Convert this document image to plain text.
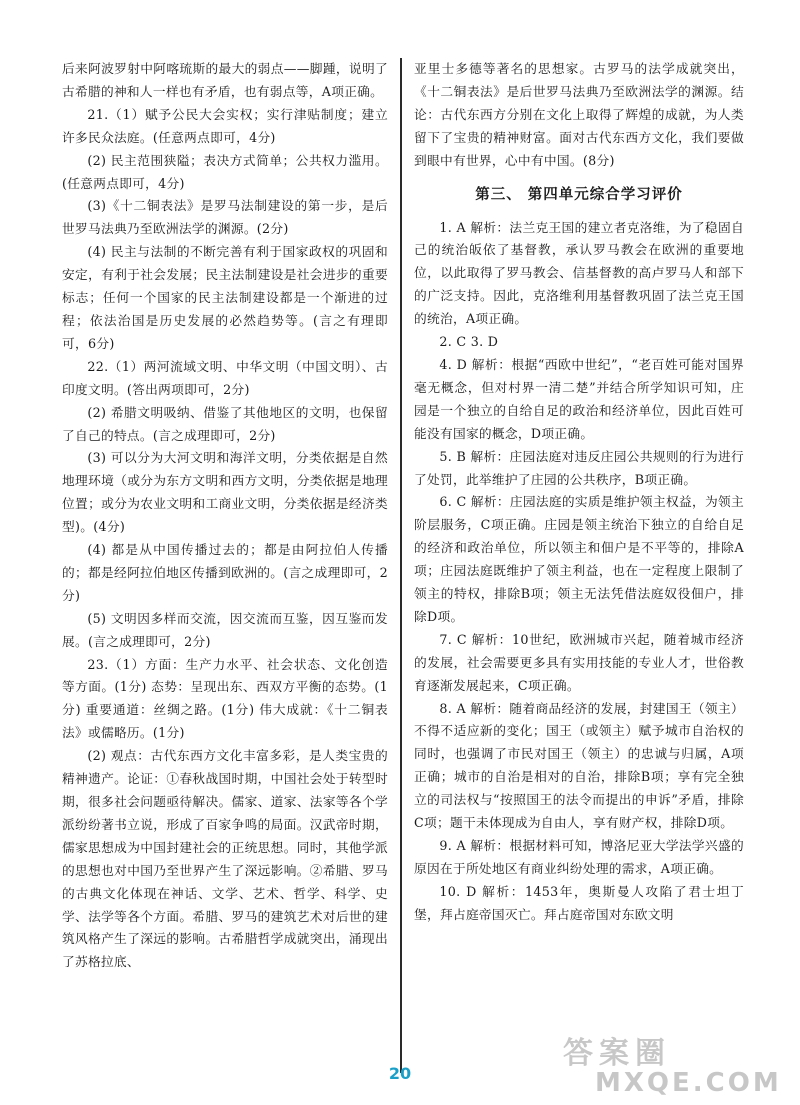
后来阿波罗射中阿喀琉斯的最大的弱点——脚踵，说明了古希腊的神和人一样也有矛盾，也有弱点等，A项正确。

21.（1）赋予公民大会实权；实行津贴制度；建立许多民众法庭。(任意两点即可，4分)

(2) 民主范围狭隘；表决方式简单；公共权力滥用。(任意两点即可，4分)

(3)《十二铜表法》是罗马法制建设的第一步，是后世罗马法典乃至欧洲法学的渊源。(2分)

(4) 民主与法制的不断完善有利于国家政权的巩固和安定，有利于社会发展；民主法制建设是社会进步的重要标志；任何一个国家的民主法制建设都是一个渐进的过程；依法治国是历史发展的必然趋势等。(言之有理即可，6分)

22.（1）两河流域文明、中华文明（中国文明）、古印度文明。(答出两项即可，2分)

(2) 希腊文明吸纳、借鉴了其他地区的文明，也保留了自己的特点。(言之成理即可，2分)

(3) 可以分为大河文明和海洋文明，分类依据是自然地理环境（或分为东方文明和西方文明，分类依据是地理位置；或分为农业文明和工商业文明，分类依据是经济类型)。(4分)

(4) 都是从中国传播过去的；都是由阿拉伯人传播的；都是经阿拉伯地区传播到欧洲的。(言之成理即可，2分)

(5) 文明因多样而交流，因交流而互鉴，因互鉴而发展。(言之成理即可，2分)

23.（1）方面：生产力水平、社会状态、文化创造等方面。(1分) 态势：呈现出东、西双方平衡的态势。(1分) 重要通道：丝绸之路。(1分) 伟大成就：《十二铜表法》或儒略历。(1分)

(2) 观点：古代东西方文化丰富多彩，是人类宝贵的精神遗产。论证：①春秋战国时期，中国社会处于转型时期，很多社会问题亟待解决。儒家、道家、法家等各个学派纷纷著书立说，形成了百家争鸣的局面。汉武帝时期，儒家思想成为中国封建社会的正统思想。同时，其他学派的思想也对中国乃至世界产生了深远影响。②希腊、罗马的古典文化体现在神话、文学、艺术、哲学、科学、史学、法学等各个方面。希腊、罗马的建筑艺术对后世的建筑风格产生了深远的影响。古希腊哲学成就突出，涌现出了苏格拉底、

亚里士多德等著名的思想家。古罗马的法学成就突出，《十二铜表法》是后世罗马法典乃至欧洲法学的渊源。结论：古代东西方分别在文化上取得了辉煌的成就，为人类留下了宝贵的精神财富。面对古代东西方文化，我们要做到眼中有世界，心中有中国。(8分)

第三、 第四单元综合学习评价

1. A 解析：法兰克王国的建立者克洛维，为了稳固自己的统治皈依了基督教，承认罗马教会在欧洲的重要地位，以此取得了罗马教会、信基督教的高卢罗马人和部下的广泛支持。因此，克洛维利用基督教巩固了法兰克王国的统治，A项正确。

2. C 3. D

4. D 解析：根据“西欧中世纪”，“老百姓可能对国界毫无概念，但对村界一清二楚”并结合所学知识可知，庄园是一个独立的自给自足的政治和经济单位，因此百姓可能没有国家的概念，D项正确。

5. B 解析：庄园法庭对违反庄园公共规则的行为进行了处罚，此举维护了庄园的公共秩序，B项正确。

6. C 解析：庄园法庭的实质是维护领主权益，为领主阶层服务，C项正确。庄园是领主统治下独立的自给自足的经济和政治单位，所以领主和佃户是不平等的，排除A项；庄园法庭既维护了领主利益，也在一定程度上限制了领主的特权，排除B项；领主无法凭借法庭奴役佃户，排除D项。

7. C 解析：10世纪，欧洲城市兴起，随着城市经济的发展，社会需要更多具有实用技能的专业人才，世俗教育逐渐发展起来，C项正确。

8. A 解析：随着商品经济的发展，封建国王（领主）不得不适应新的变化；国王（或领主）赋予城市自治权的同时，也强调了市民对国王（领主）的忠诚与归属，A项正确；城市的自治是相对的自治，排除B项；享有完全独立的司法权与“按照国王的法令而提出的申诉”矛盾，排除C项；题干未体现成为自由人，享有财产权，排除D项。

9. A 解析：根据材料可知，博洛尼亚大学法学兴盛的原因在于所处地区有商业纠纷处理的需求，A项正确。

10. D 解析：1453年，奥斯曼人攻陷了君士坦丁堡，拜占庭帝国灭亡。拜占庭帝国对东欧文明

20
答案圈
MXQE.COM
